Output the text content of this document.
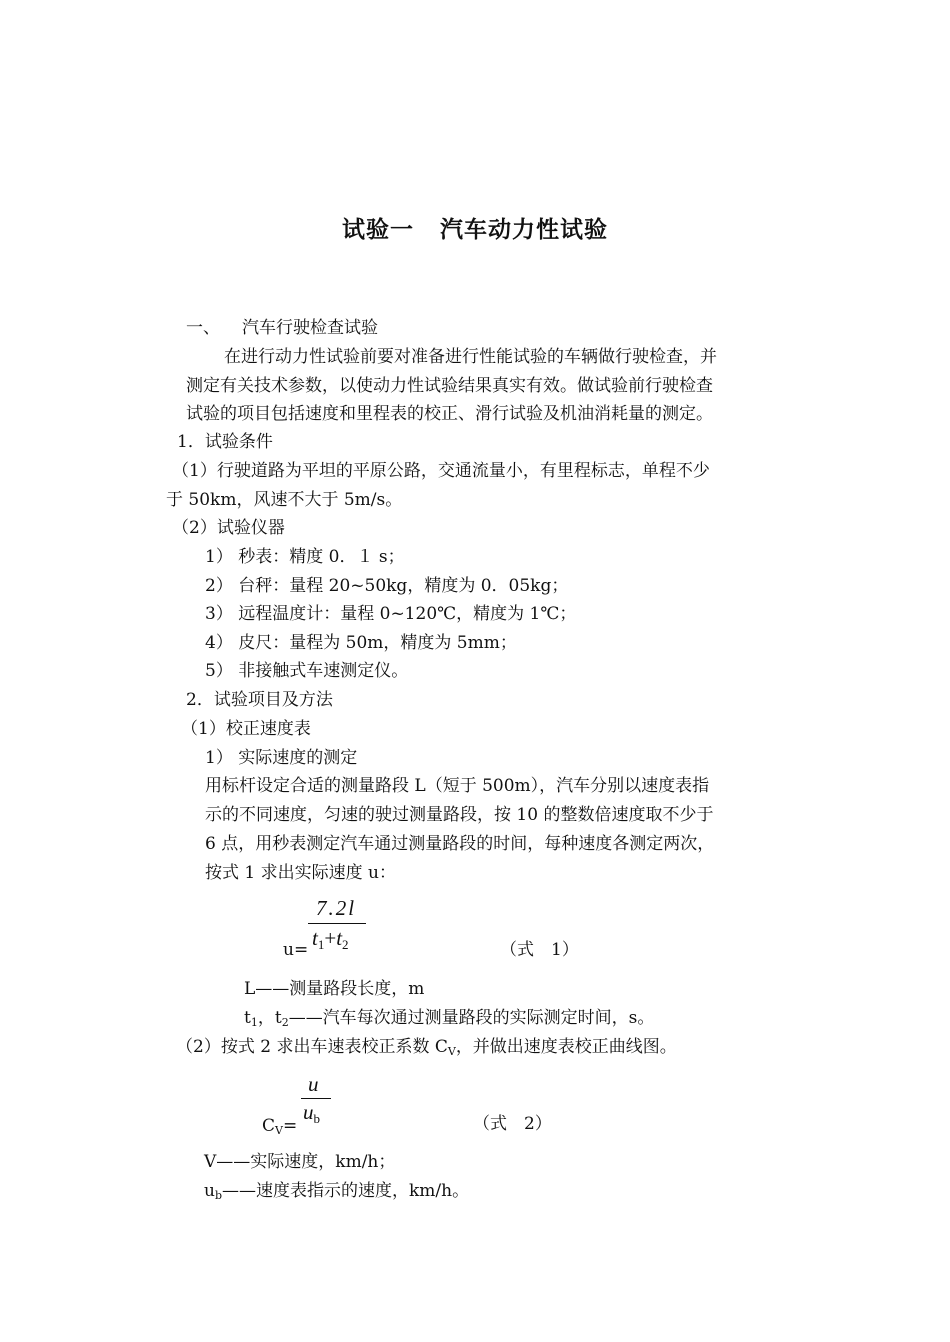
试验一 汽车动力性试验
一、 汽车行驶检查试验
在进行动力性试验前要对准备进行性能试验的车辆做行驶检查，并
测定有关技术参数，以使动力性试验结果真实有效。做试验前行驶检查
试验的项目包括速度和里程表的校正、滑行试验及机油消耗量的测定。
1．试验条件
（1）行驶道路为平坦的平原公路，交通流量小，有里程标志，单程不少
于 50km，风速不大于 5m/s。
（2）试验仪器
1） 秒表：精度 0．１ s；
2） 台秤：量程 20~50kg，精度为 0．05kg；
3） 远程温度计：量程 0~120℃，精度为 1℃；
4） 皮尺：量程为 50m，精度为 5mm；
5） 非接触式车速测定仪。
2．试验项目及方法
（1）校正速度表
1） 实际速度的测定
用标杆设定合适的测量路段 L（短于 500m），汽车分别以速度表指
示的不同速度，匀速的驶过测量路段，按 10 的整数倍速度取不少于
6 点，用秒表测定汽车通过测量路段的时间，每种速度各测定两次，
按式 1 求出实际速度 u：
u=
7.2l
$t_1+t_2$	（式　1）
L——测量路段长度，m
$t_1$，$t_2——$汽车每次通过测量路段的实际测定时间，s。
（2）按式 2 求出车速表校正系数 $C_V$，并做出速度表校正曲线图。
$C_V=$
u
$u_b$	（式　2）
V——实际速度，km/h；
$u_b——$速度表指示的速度，km/h。
